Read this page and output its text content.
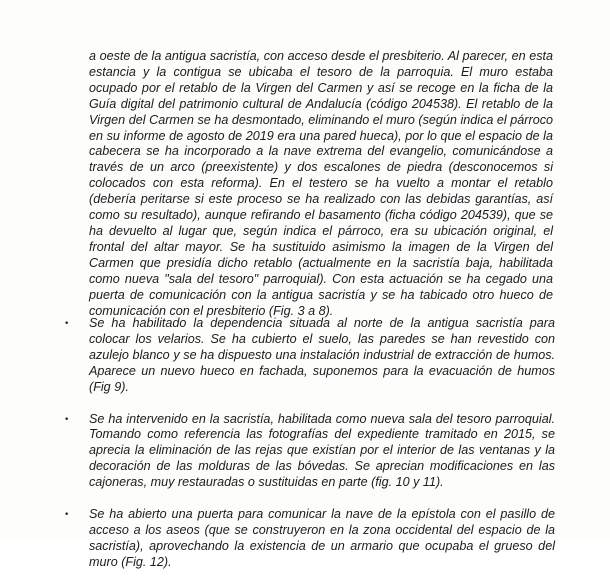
a oeste de la antigua sacristía, con acceso desde el presbiterio. Al parecer, en esta estancia y la contigua se ubicaba el tesoro de la parroquia. El muro estaba ocupado por el retablo de la Virgen del Carmen y así se recoge en la ficha de la Guía digital del patrimonio cultural de Andalucía (código 204538). El retablo de la Virgen del Carmen se ha desmontado, eliminando el muro (según indica el párroco en su informe de agosto de 2019 era una pared hueca), por lo que el espacio de la cabecera se ha incorporado a la nave extrema del evangelio, comunicándose a través de un arco (preexistente) y dos escalones de piedra (desconocemos si colocados con esta reforma). En el testero se ha vuelto a montar el retablo (debería peritarse si este proceso se ha realizado con las debidas garantías, así como su resultado), aunque refirando el basamento (ficha código 204539), que se ha devuelto al lugar que, según indica el párroco, era su ubicación original, el frontal del altar mayor. Se ha sustituido asimismo la imagen de la Virgen del Carmen que presidía dicho retablo (actualmente en la sacristía baja, habilitada como nueva "sala del tesoro" parroquial). Con esta actuación se ha cegado una puerta de comunicación con la antigua sacristía y se ha tabicado otro hueco de comunicación con el presbiterio (Fig. 3 a 8).

• Se ha habilitado la dependencia situada al norte de la antigua sacristía para colocar los velarios. Se ha cubierto el suelo, las paredes se han revestido con azulejo blanco y se ha dispuesto una instalación industrial de extracción de humos. Aparece un nuevo hueco en fachada, suponemos para la evacuación de humos (Fig 9).

• Se ha intervenido en la sacristía, habilitada como nueva sala del tesoro parroquial. Tomando como referencia las fotografías del expediente tramitado en 2015, se aprecia la eliminación de las rejas que existían por el interior de las ventanas y la decoración de las molduras de las bóvedas. Se aprecian modificaciones en las cajoneras, muy restauradas o sustituidas en parte (fig. 10 y 11).

• Se ha abierto una puerta para comunicar la nave de la epístola con el pasillo de acceso a los aseos (que se construyeron en la zona occidental del espacio de la sacristía), aprovechando la existencia de un armario que ocupaba el grueso del muro (Fig. 12).
